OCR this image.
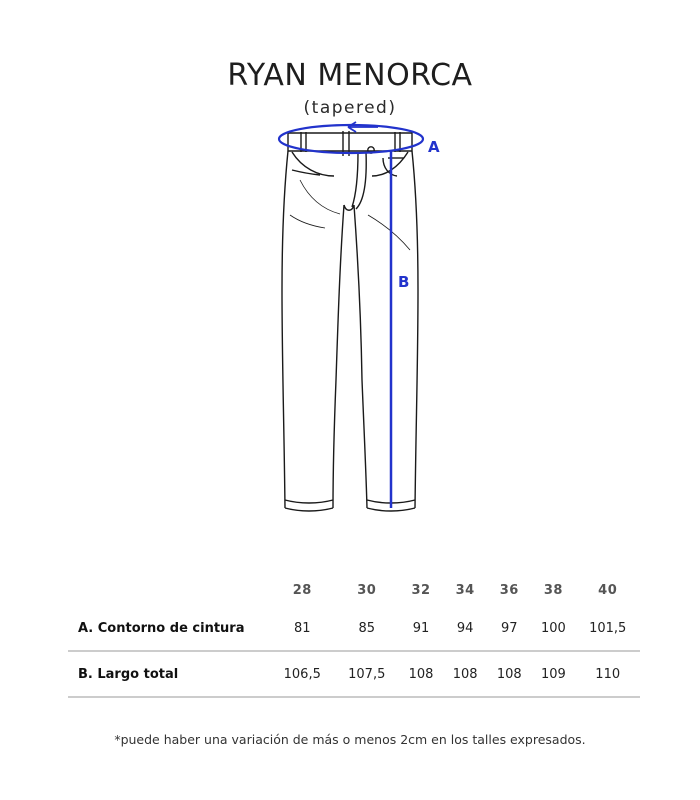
RYAN MENORCA
(tapered)
A
B
	28	30	32	34	36	38	40
A. Contorno de cintura	81	85	91	94	97	100	101,5
B. Largo total	106,5	107,5	108	108	108	109	110
*puede haber una variación de más o menos 2cm en los talles expresados.
